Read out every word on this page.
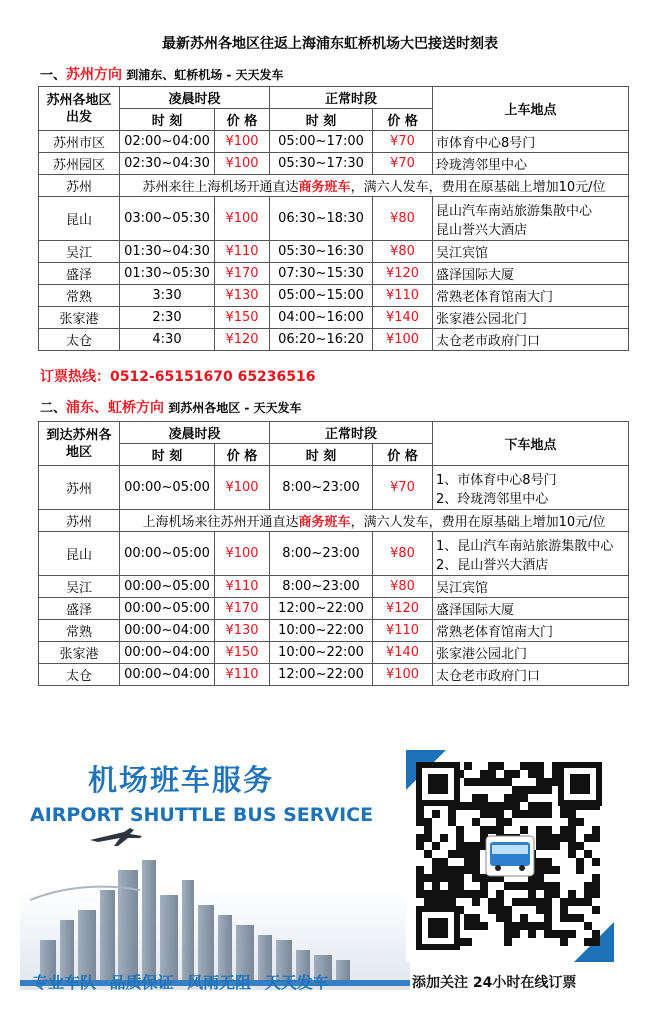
最新苏州各地区往返上海浦东虹桥机场大巴接送时刻表
一、苏州方向 到浦东、虹桥机场 - 天天发车
苏州各地区出发	凌晨时段		正常时段		上车地点
	时 刻	价 格	时 刻	价 格	
苏州市区	02:00~04:00	¥100	05:00~17:00	¥70	市体育中心8号门

苏州园区	02:30~04:30	¥100	05:30~17:30	¥70	玲珑湾邻里中心

苏州	苏州来往上海机场开通直达商务班车，满六人发车，费用在原基础上增加10元/位				
昆山	03:00~05:30	¥100	06:30~18:30	¥80	昆山汽车南站旅游集散中心
昆山誉兴大酒店

吴江	01:30~04:30	¥110	05:30~16:30	¥80	吴江宾馆

盛泽	01:30~05:30	¥170	07:30~15:30	¥120	盛泽国际大厦

常熟	3:30	¥130	05:00~15:00	¥110	常熟老体育馆南大门

张家港	2:30	¥150	04:00~16:00	¥140	张家港公园北门

太仓	4:30	¥120	06:20~16:20	¥100	太仓老市政府门口
订票热线：0512-65151670 65236516
二、浦东、虹桥方向 到苏州各地区 - 天天发车
到达苏州各地区	凌晨时段		正常时段		下车地点
	时 刻	价 格	时 刻	价 格	
苏州	00:00~05:00	¥100	8:00~23:00	¥70	1、市体育中心8号门
2、玲珑湾邻里中心

苏州	上海机场来往苏州开通直达商务班车，满六人发车，费用在原基础上增加10元/位				
昆山	00:00~05:00	¥100	8:00~23:00	¥80	1、昆山汽车南站旅游集散中心
2、昆山誉兴大酒店

吴江	00:00~05:00	¥110	8:00~23:00	¥80	吴江宾馆

盛泽	00:00~05:00	¥170	12:00~22:00	¥120	盛泽国际大厦

常熟	00:00~04:00	¥130	10:00~22:00	¥110	常熟老体育馆南大门

张家港	00:00~04:00	¥150	10:00~22:00	¥140	张家港公园北门

太仓	00:00~04:00	¥110	12:00~22:00	¥100	太仓老市政府门口
机场班车服务
AIRPORT SHUTTLE BUS SERVICE
专业车队 品质保证 风雨无阻 天天发车	添加关注 24小时在线订票
